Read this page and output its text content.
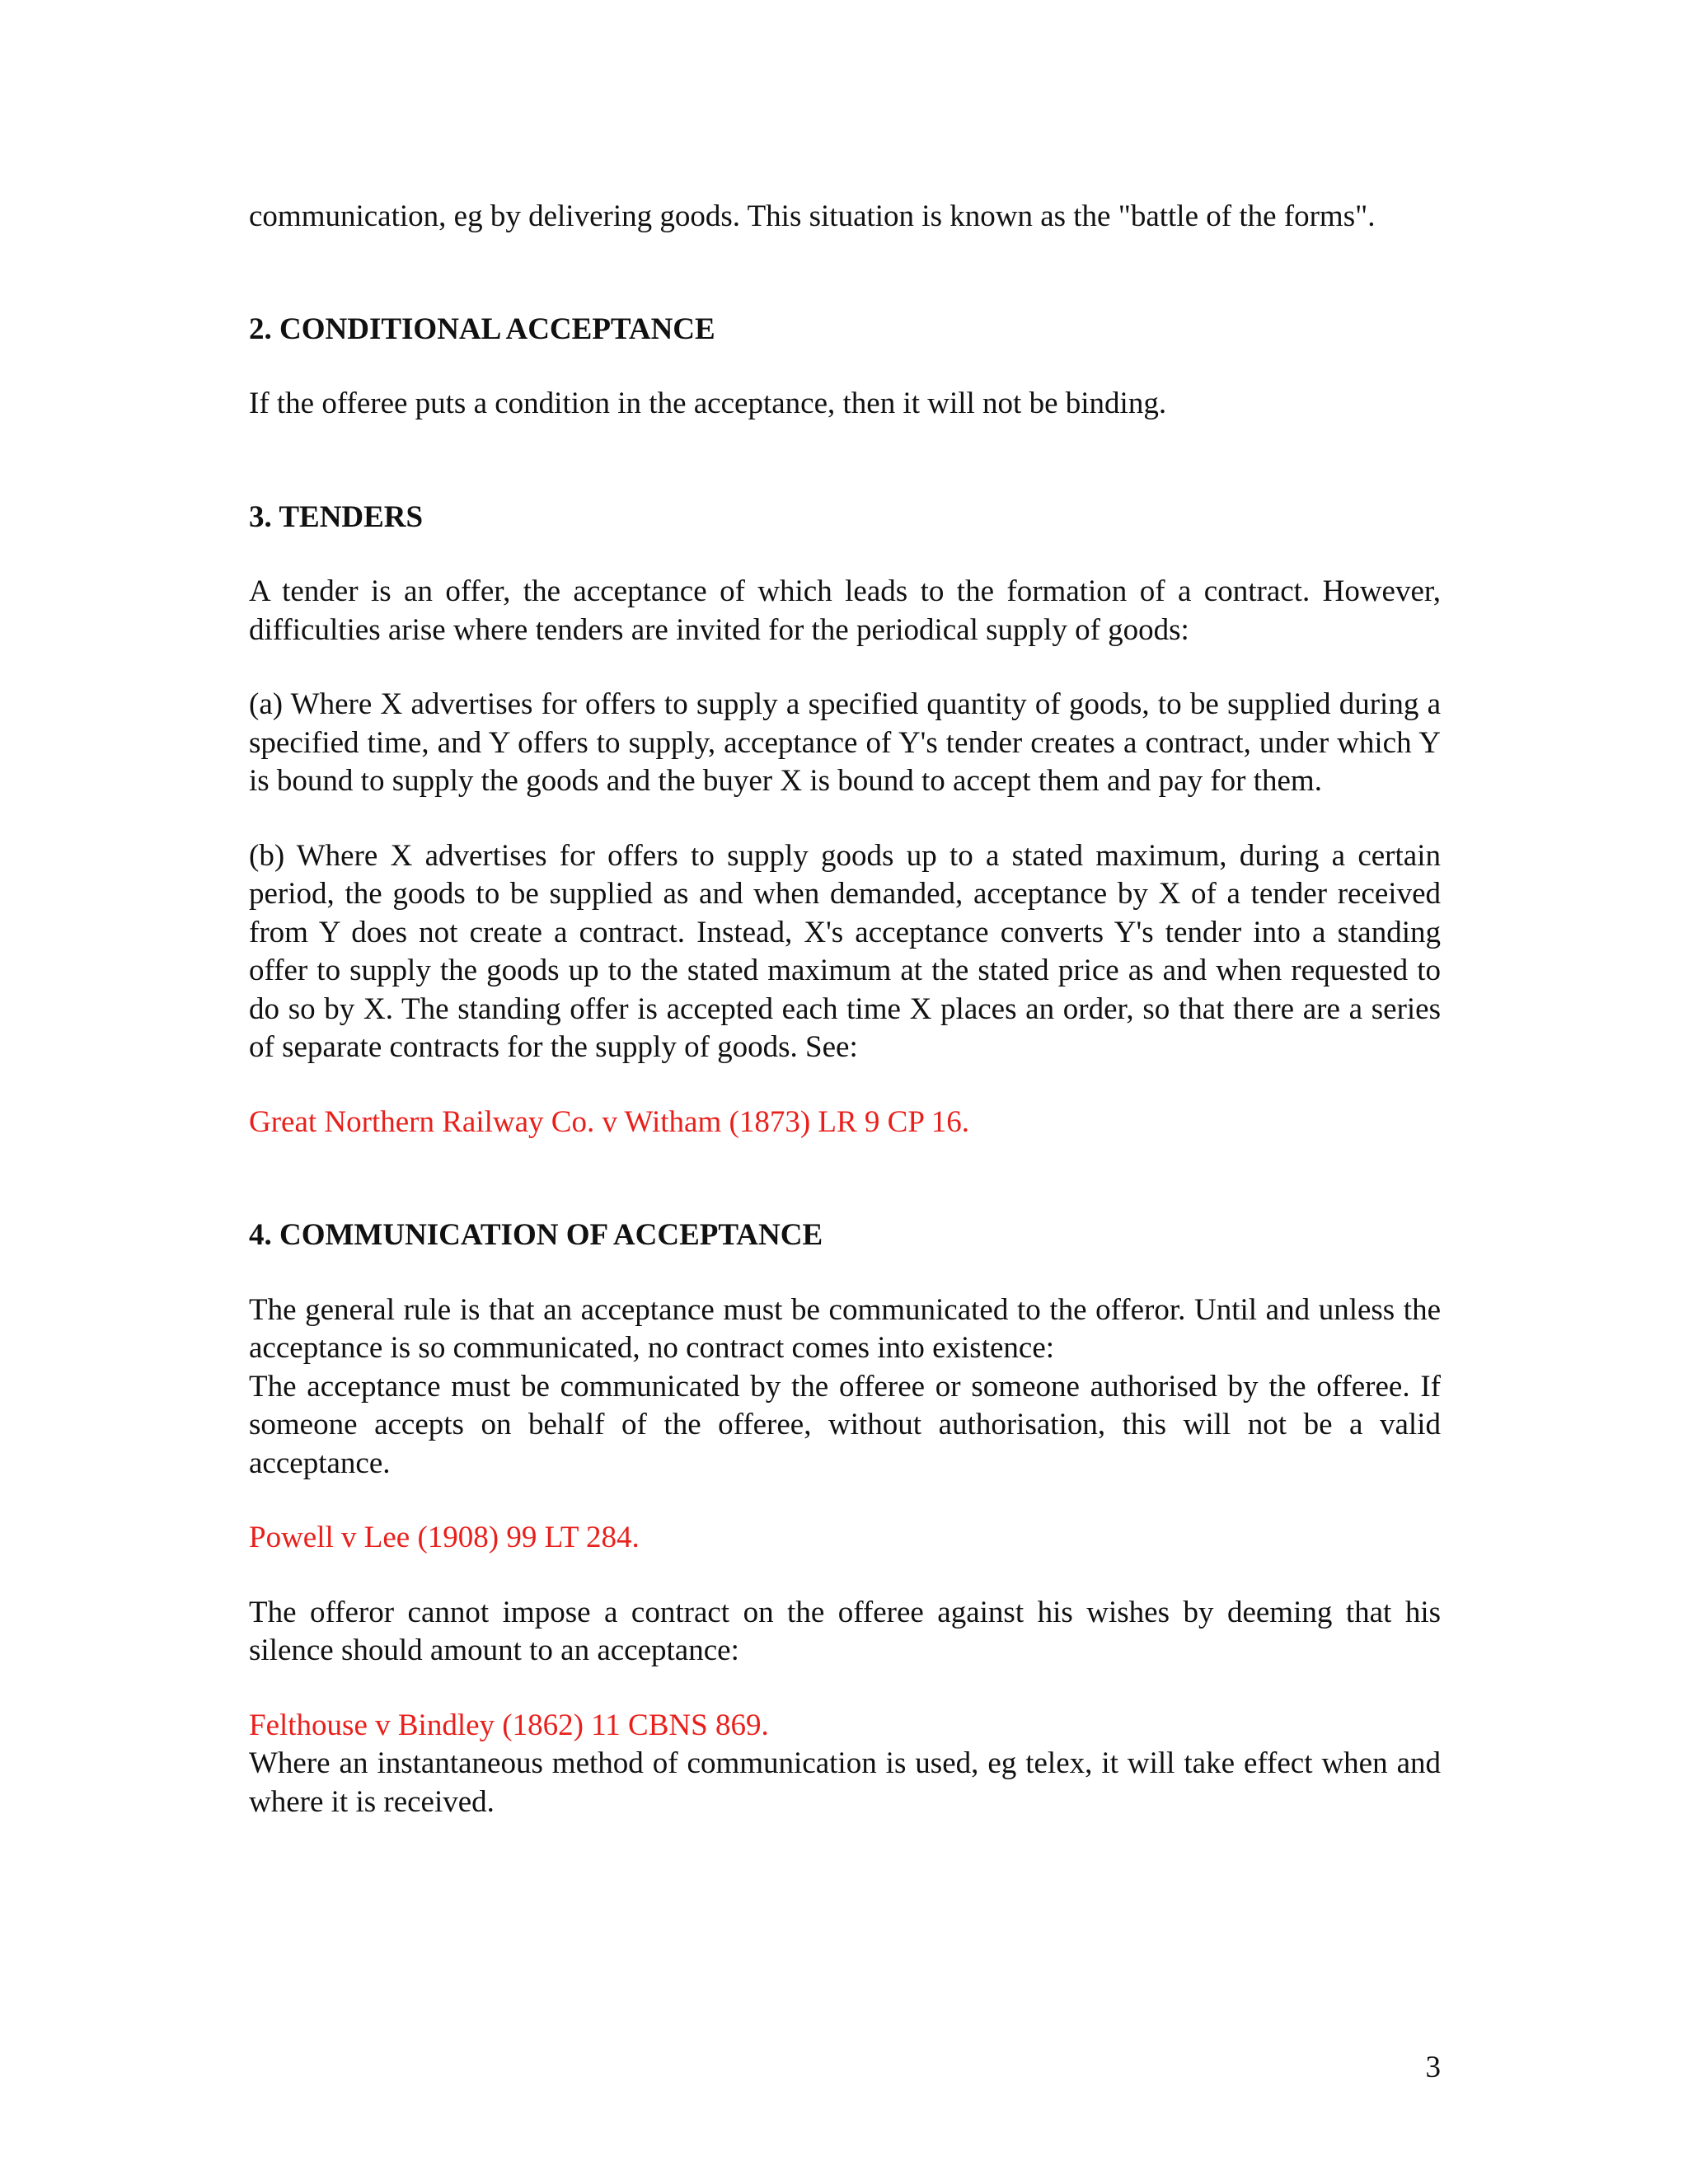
communication, eg by delivering goods. This situation is known as the "battle of the forms".

2. CONDITIONAL ACCEPTANCE

If the offeree puts a condition in the acceptance, then it will not be binding.

3. TENDERS

A tender is an offer, the acceptance of which leads to the formation of a contract. However, difficulties arise where tenders are invited for the periodical supply of goods:

(a) Where X advertises for offers to supply a specified quantity of goods, to be supplied during a specified time, and Y offers to supply, acceptance of Y's tender creates a contract, under which Y is bound to supply the goods and the buyer X is bound to accept them and pay for them.

(b) Where X advertises for offers to supply goods up to a stated maximum, during a certain period, the goods to be supplied as and when demanded, acceptance by X of a tender received from Y does not create a contract. Instead, X's acceptance converts Y's tender into a standing offer to supply the goods up to the stated maximum at the stated price as and when requested to do so by X. The standing offer is accepted each time X places an order, so that there are a series of separate contracts for the supply of goods. See:

Great Northern Railway Co. v Witham (1873) LR 9 CP 16.

4. COMMUNICATION OF ACCEPTANCE

The general rule is that an acceptance must be communicated to the offeror. Until and unless the acceptance is so communicated, no contract comes into existence:

The acceptance must be communicated by the offeree or someone authorised by the offeree. If someone accepts on behalf of the offeree, without authorisation, this will not be a valid acceptance.

Powell v Lee (1908) 99 LT 284.

The offeror cannot impose a contract on the offeree against his wishes by deeming that his silence should amount to an acceptance:

Felthouse v Bindley (1862) 11 CBNS 869.

Where an instantaneous method of communication is used, eg telex, it will take effect when and where it is received.

3
